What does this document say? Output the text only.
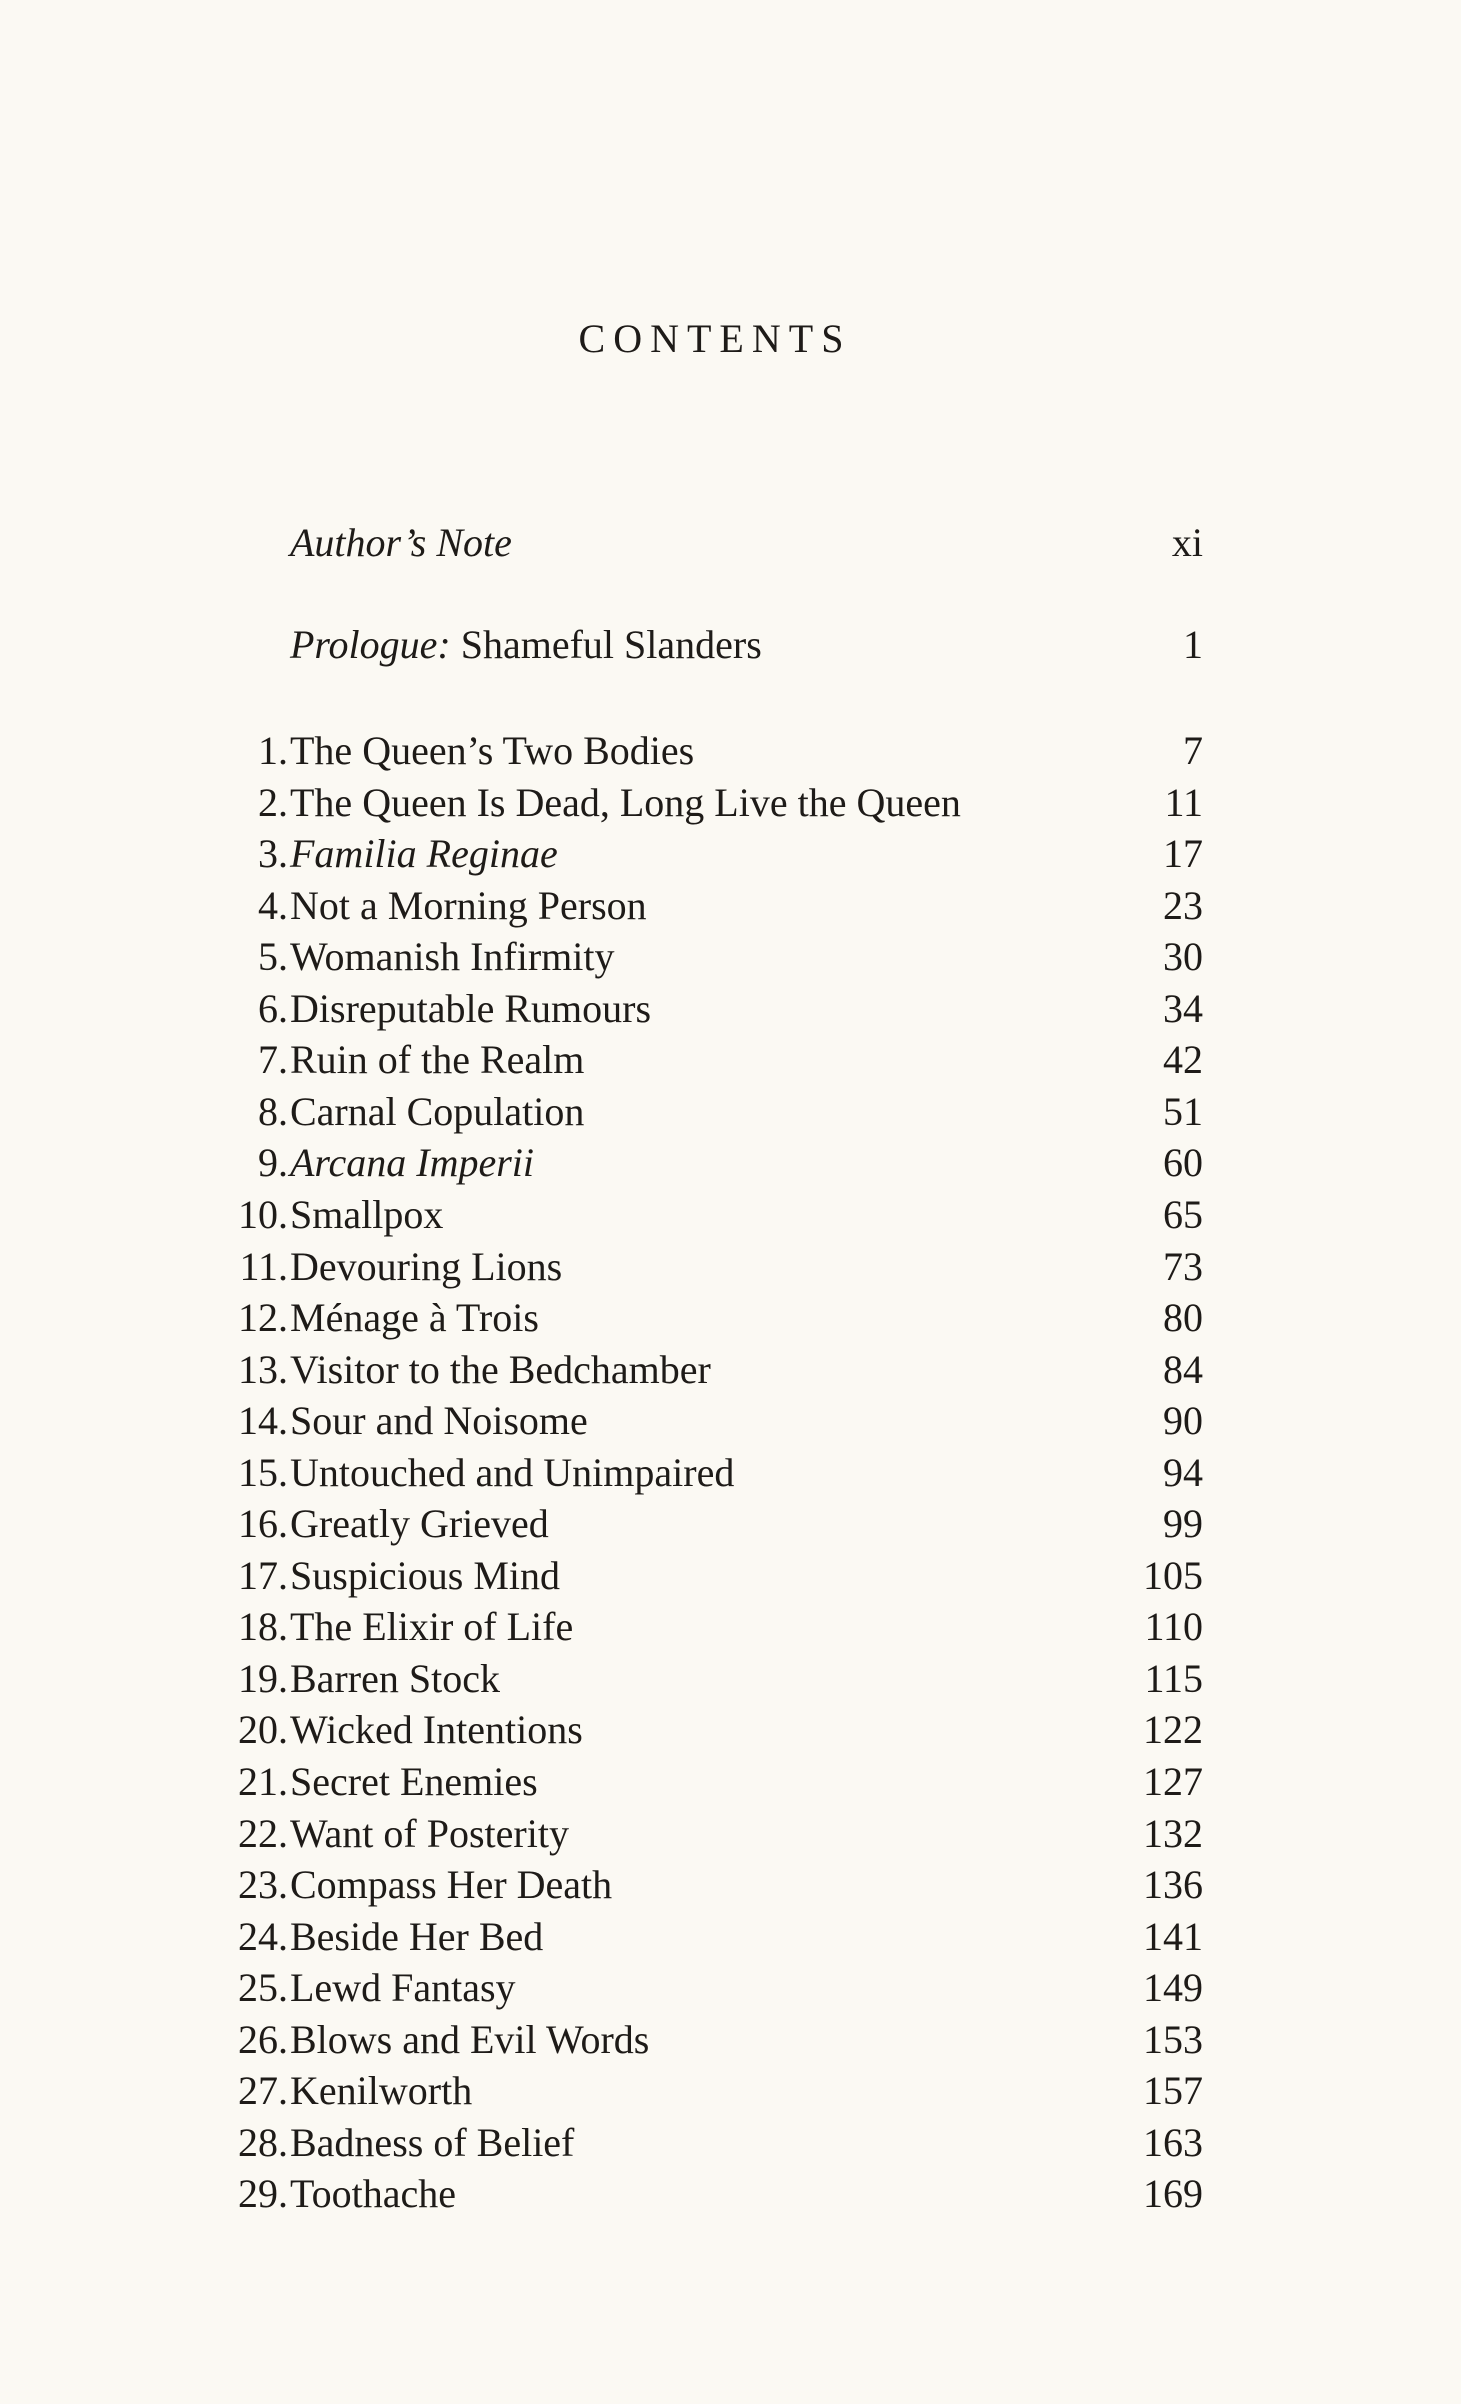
CONTENTS
Author’s Note	xi
Prologue: Shameful Slanders	1
1. The Queen’s Two Bodies	7
2. The Queen Is Dead, Long Live the Queen	11
3. Familia Reginae	17
4. Not a Morning Person	23
5. Womanish Infirmity	30
6. Disreputable Rumours	34
7. Ruin of the Realm	42
8. Carnal Copulation	51
9. Arcana Imperii	60
10. Smallpox	65
11. Devouring Lions	73
12. Ménage à Trois	80
13. Visitor to the Bedchamber	84
14. Sour and Noisome	90
15. Untouched and Unimpaired	94
16. Greatly Grieved	99
17. Suspicious Mind	105
18. The Elixir of Life	110
19. Barren Stock	115
20. Wicked Intentions	122
21. Secret Enemies	127
22. Want of Posterity	132
23. Compass Her Death	136
24. Beside Her Bed	141
25. Lewd Fantasy	149
26. Blows and Evil Words	153
27. Kenilworth	157
28. Badness of Belief	163
29. Toothache	169
